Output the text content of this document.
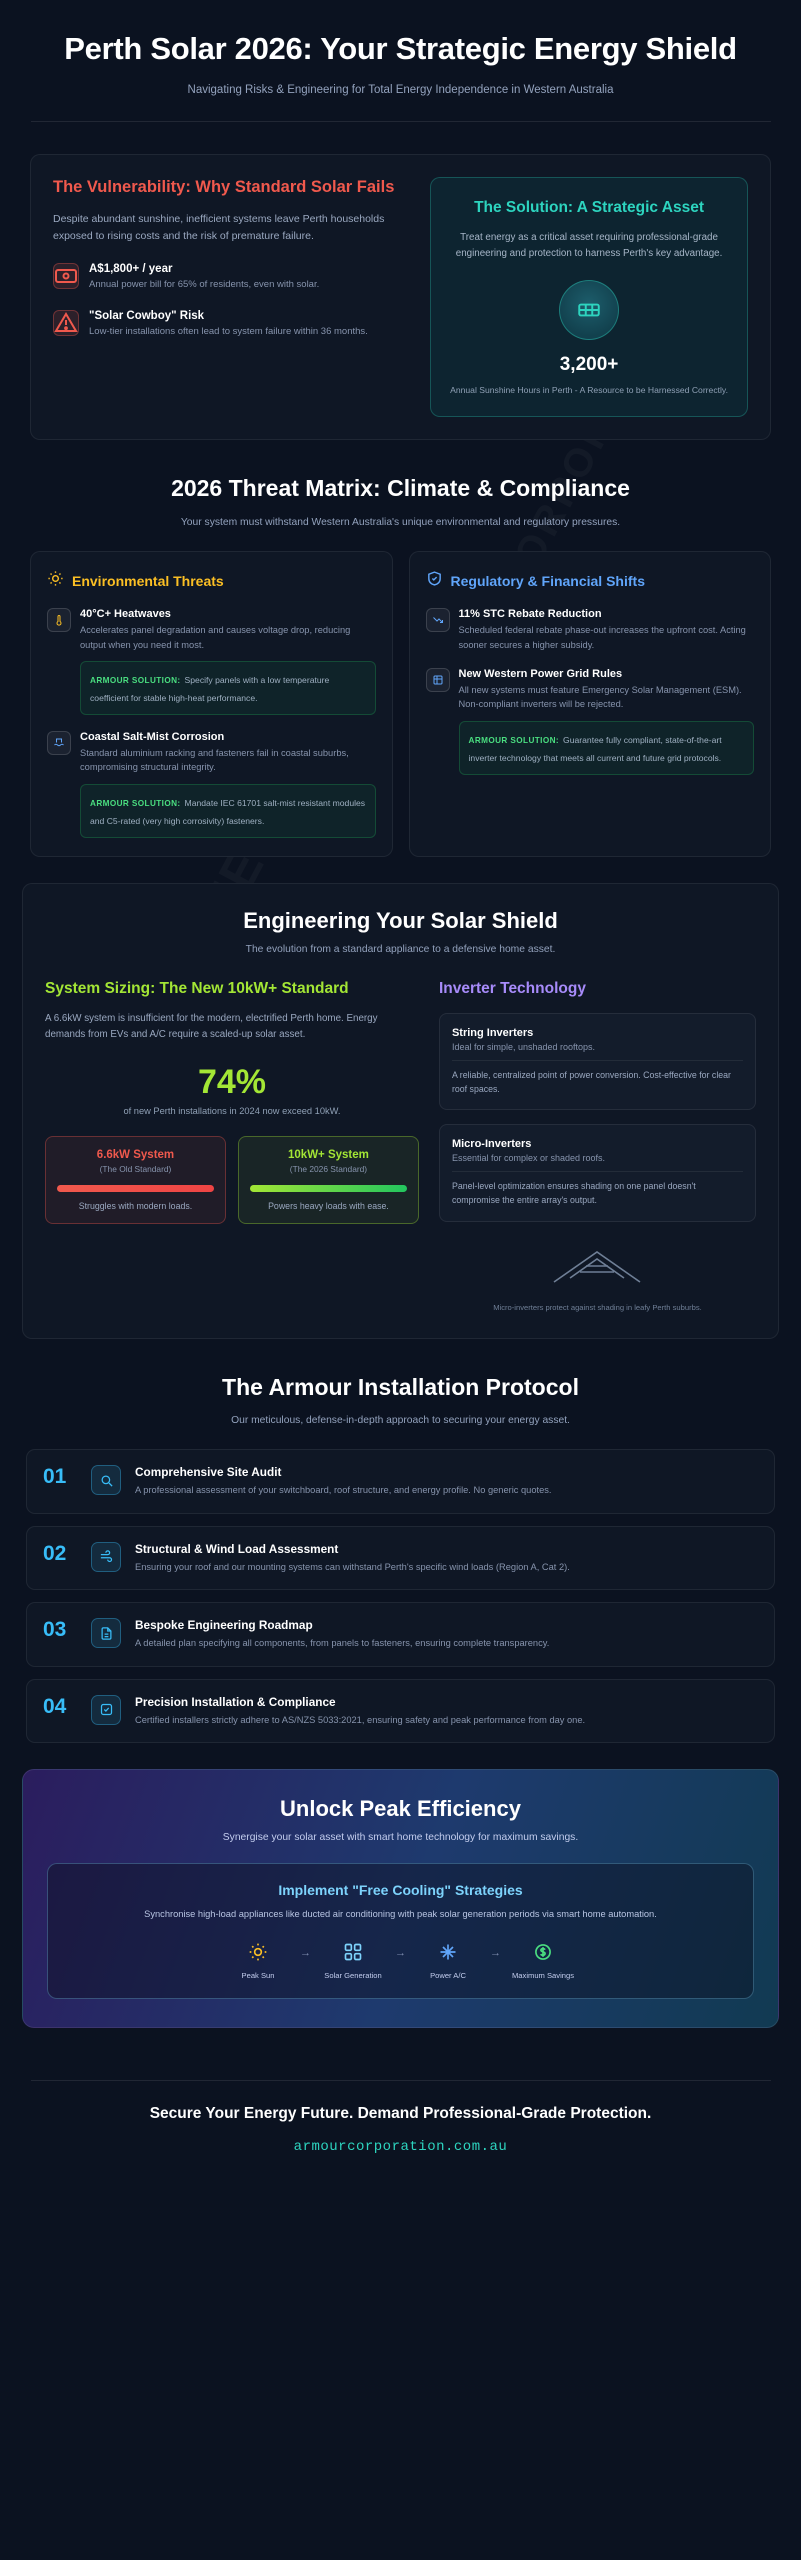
Perth Solar 2026: Your Strategic Energy Shield
Navigating Risks & Engineering for Total Energy Independence in Western Australia
The Vulnerability: Why Standard Solar Fails
Despite abundant sunshine, inefficient systems leave Perth households exposed to rising costs and the risk of premature failure.
A$1,800+ / year
Annual power bill for 65% of residents, even with solar.
"Solar Cowboy" Risk
Low-tier installations often lead to system failure within 36 months.
The Solution: A Strategic Asset

Treat energy as a critical asset requiring professional-grade engineering and protection to harness Perth's key advantage.

3,200+
Annual Sunshine Hours in Perth - A Resource to be Harnessed Correctly.
2026 Threat Matrix: Climate & Compliance

Your system must withstand Western Australia's unique environmental and regulatory pressures.

Environmental Threats
40°C+ Heatwaves
Accelerates panel degradation and causes voltage drop, reducing output when you need it most.
ARMOUR SOLUTION: Specify panels with a low temperature coefficient for stable high-heat performance.
Coastal Salt-Mist Corrosion
Standard aluminium racking and fasteners fail in coastal suburbs, compromising structural integrity.
ARMOUR SOLUTION: Mandate IEC 61701 salt-mist resistant modules and C5-rated (very high corrosivity) fasteners.
Regulatory & Financial Shifts
11% STC Rebate Reduction
Scheduled federal rebate phase-out increases the upfront cost. Acting sooner secures a higher subsidy.
New Western Power Grid Rules
All new systems must feature Emergency Solar Management (ESM). Non-compliant inverters will be rejected.
ARMOUR SOLUTION: Guarantee fully compliant, state-of-the-art inverter technology that meets all current and future grid protocols.
Engineering Your Solar Shield
The evolution from a standard appliance to a defensive home asset.
System Sizing: The New 10kW+ Standard
A 6.6kW system is insufficient for the modern, electrified Perth home. Energy demands from EVs and A/C require a scaled-up solar asset.
74%
of new Perth installations in 2024 now exceed 10kW.
6.6kW System
(The Old Standard)
Struggles with modern loads.
10kW+ System
(The 2026 Standard)
Powers heavy loads with ease.
Inverter Technology
String Inverters
Ideal for simple, unshaded rooftops.
A reliable, centralized point of power conversion. Cost-effective for clear roof spaces.
Micro-Inverters
Essential for complex or shaded roofs.
Panel-level optimization ensures shading on one panel doesn't compromise the entire array's output.
Micro-inverters protect against shading in leafy Perth suburbs.
The Armour Installation Protocol

Our meticulous, defense-in-depth approach to securing your energy asset.

01	Comprehensive Site Audit
A professional assessment of your switchboard, roof structure, and energy profile. No generic quotes.
02	Structural & Wind Load Assessment
Ensuring your roof and our mounting systems can withstand Perth's specific wind loads (Region A, Cat 2).
03	Bespoke Engineering Roadmap
A detailed plan specifying all components, from panels to fasteners, ensuring complete transparency.
04	Precision Installation & Compliance
Certified installers strictly adhere to AS/NZS 5033:2021, ensuring safety and peak performance from day one.
Unlock Peak Efficiency
Synergise your solar asset with smart home technology for maximum savings.
Implement "Free Cooling" Strategies

Synchronise high-load appliances like ducted air conditioning with peak solar generation periods via smart home automation.

Peak Sun
→
Solar Generation
→
Power A/C
→
Maximum Savings
Secure Your Energy Future. Demand Professional-Grade Protection.
armourcorporation.com.au
